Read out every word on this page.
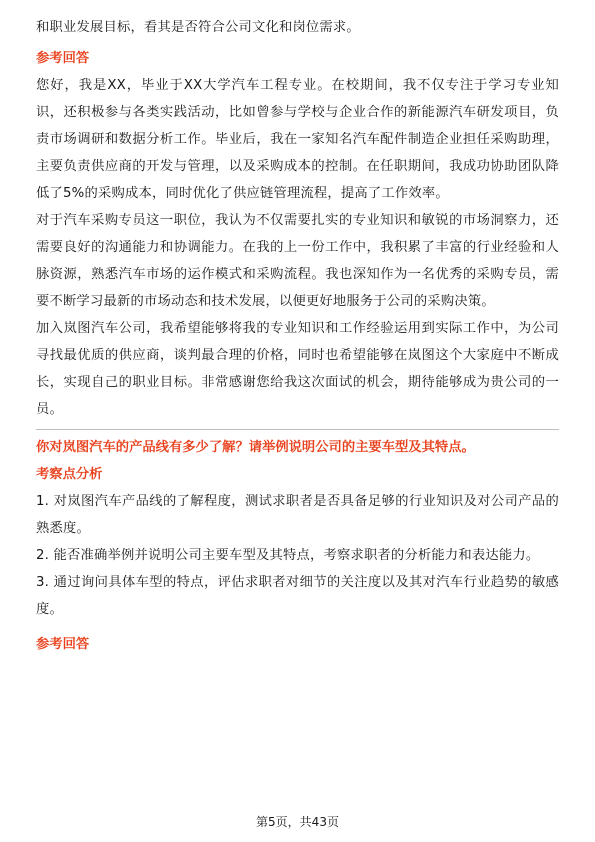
和职业发展目标，看其是否符合公司文化和岗位需求。

参考回答

您好，我是XX，毕业于XX大学汽车工程专业。在校期间，我不仅专注于学习专业知识，还积极参与各类实践活动，比如曾参与学校与企业合作的新能源汽车研发项目，负责市场调研和数据分析工作。毕业后，我在一家知名汽车配件制造企业担任采购助理，主要负责供应商的开发与管理，以及采购成本的控制。在任职期间，我成功协助团队降低了5%的采购成本，同时优化了供应链管理流程，提高了工作效率。

对于汽车采购专员这一职位，我认为不仅需要扎实的专业知识和敏锐的市场洞察力，还需要良好的沟通能力和协调能力。在我的上一份工作中，我积累了丰富的行业经验和人脉资源，熟悉汽车市场的运作模式和采购流程。我也深知作为一名优秀的采购专员，需要不断学习最新的市场动态和技术发展，以便更好地服务于公司的采购决策。

加入岚图汽车公司，我希望能够将我的专业知识和工作经验运用到实际工作中，为公司寻找最优质的供应商，谈判最合理的价格，同时也希望能够在岚图这个大家庭中不断成长，实现自己的职业目标。非常感谢您给我这次面试的机会，期待能够成为贵公司的一员。

你对岚图汽车的产品线有多少了解？请举例说明公司的主要车型及其特点。

考察点分析

1. 对岚图汽车产品线的了解程度，测试求职者是否具备足够的行业知识及对公司产品的熟悉度。

2. 能否准确举例并说明公司主要车型及其特点，考察求职者的分析能力和表达能力。

3. 通过询问具体车型的特点，评估求职者对细节的关注度以及其对汽车行业趋势的敏感度。

参考回答

第5页，共43页
